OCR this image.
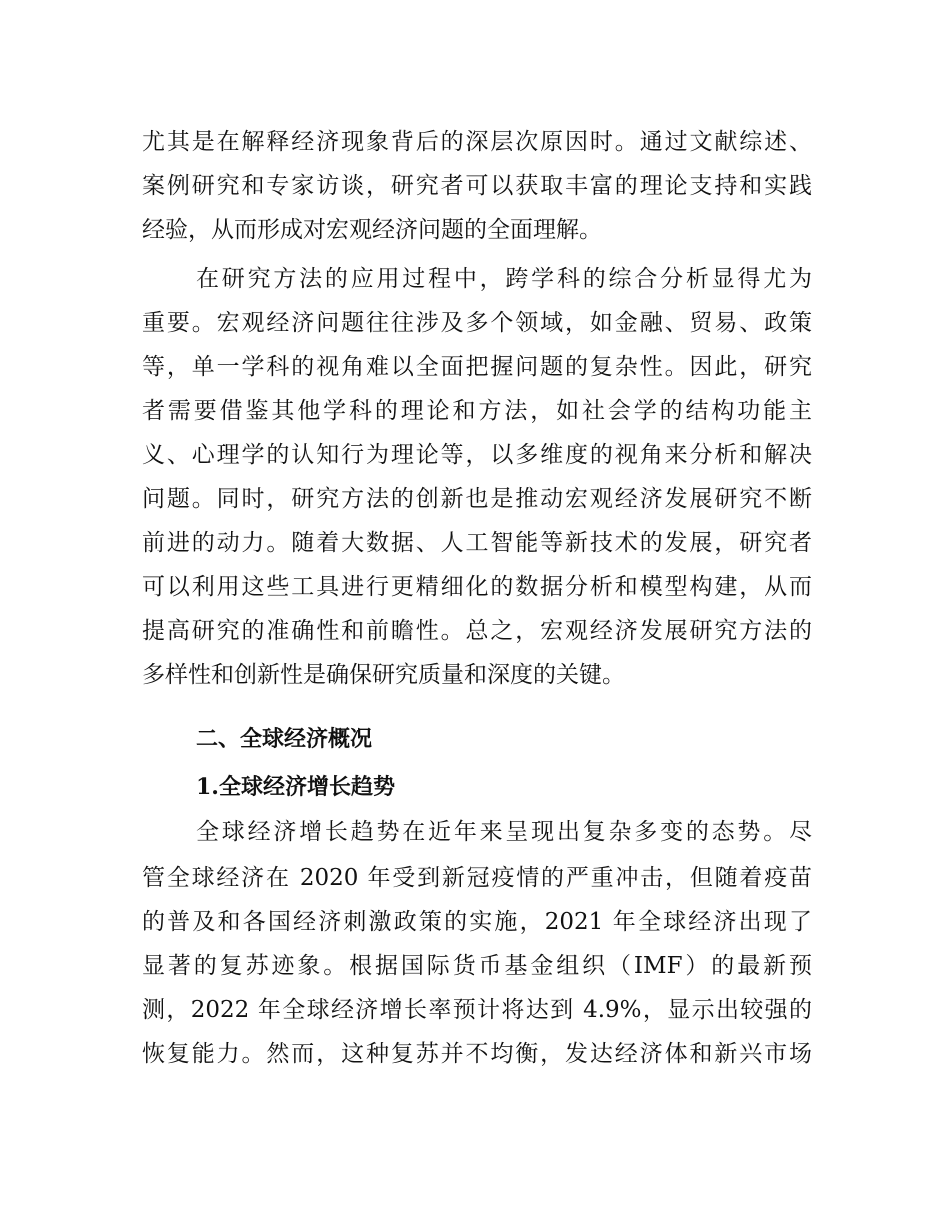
尤其是在解释经济现象背后的深层次原因时。通过文献综述、
案例研究和专家访谈，研究者可以获取丰富的理论支持和实践
经验，从而形成对宏观经济问题的全面理解。
在研究方法的应用过程中，跨学科的综合分析显得尤为
重要。宏观经济问题往往涉及多个领域，如金融、贸易、政策
等，单一学科的视角难以全面把握问题的复杂性。因此，研究
者需要借鉴其他学科的理论和方法，如社会学的结构功能主
义、心理学的认知行为理论等，以多维度的视角来分析和解决
问题。同时，研究方法的创新也是推动宏观经济发展研究不断
前进的动力。随着大数据、人工智能等新技术的发展，研究者
可以利用这些工具进行更精细化的数据分析和模型构建，从而
提高研究的准确性和前瞻性。总之，宏观经济发展研究方法的
多样性和创新性是确保研究质量和深度的关键。
二、全球经济概况
1.全球经济增长趋势
全球经济增长趋势在近年来呈现出复杂多变的态势。尽
管全球经济在 2020 年受到新冠疫情的严重冲击，但随着疫苗
的普及和各国经济刺激政策的实施，2021 年全球经济出现了
显著的复苏迹象。根据国际货币基金组织（IMF）的最新预
测，2022 年全球经济增长率预计将达到 4.9%，显示出较强的
恢复能力。然而，这种复苏并不均衡，发达经济体和新兴市场
